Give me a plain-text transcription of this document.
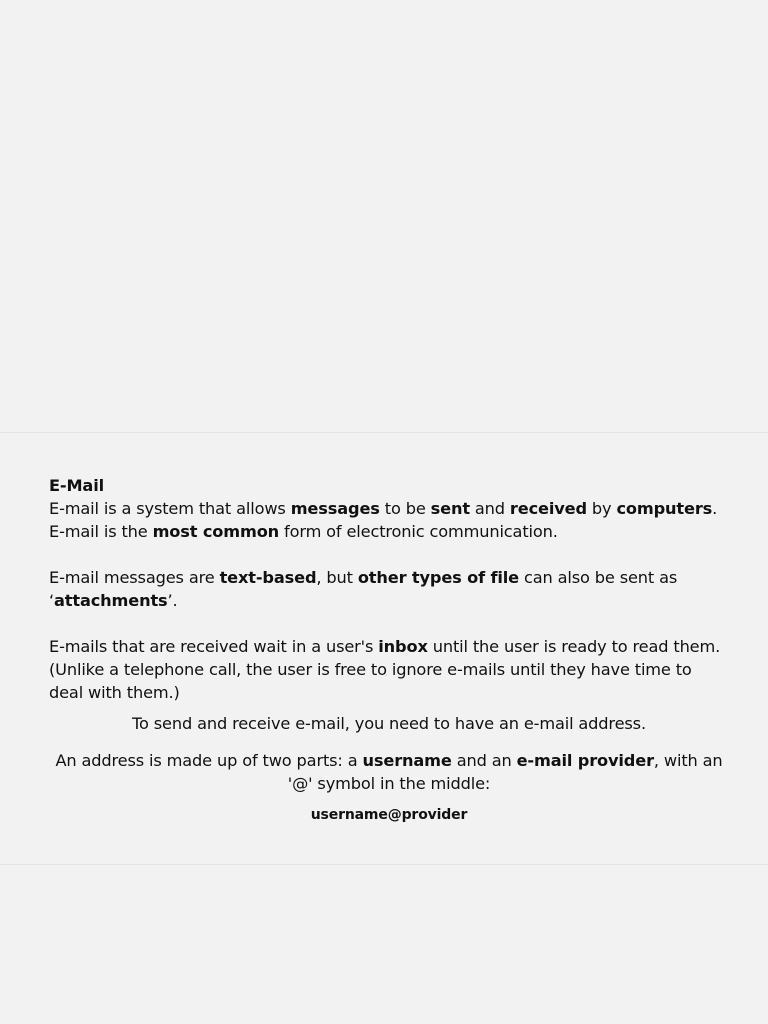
E-Mail

E-mail is a system that allows messages to be sent and received by computers. E-mail is the most common form of electronic communication.

E-mail messages are text-based, but other types of file can also be sent as ‘attachments’.

E-mails that are received wait in a user's inbox until the user is ready to read them. (Unlike a telephone call, the user is free to ignore e-mails until they have time to deal with them.)

To send and receive e-mail, you need to have an e-mail address.

An address is made up of two parts: a username and an e-mail provider, with an '@' symbol in the middle:

username@provider
